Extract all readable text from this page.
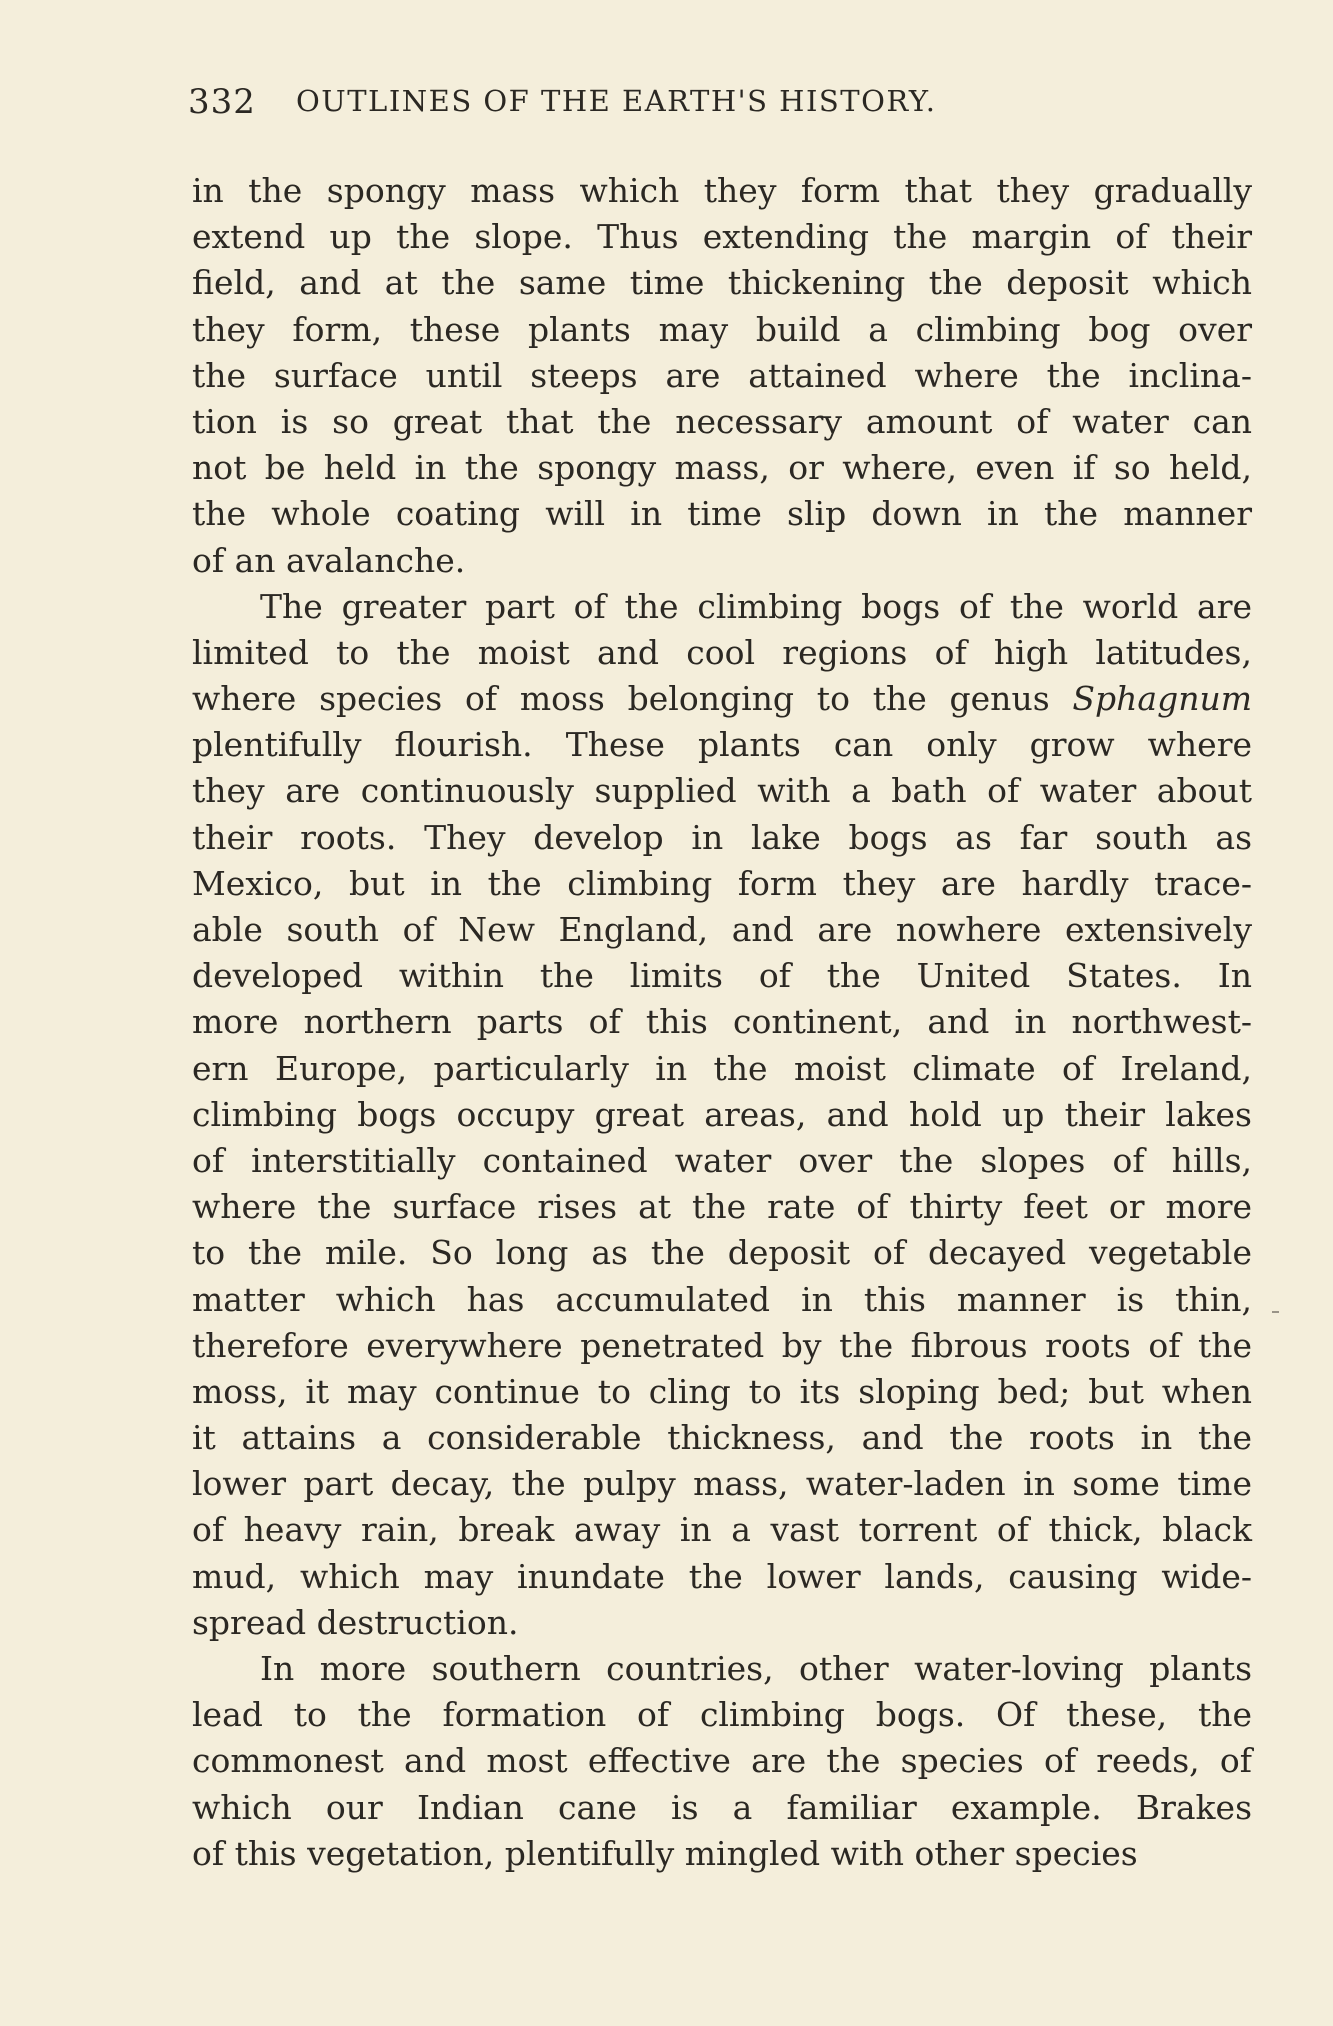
332 OUTLINES OF THE EARTH'S HISTORY.
in the spongy mass which they form that they gradually
extend up the slope. Thus extending the margin of their
field, and at the same time thickening the deposit which
they form, these plants may build a climbing bog over
the surface until steeps are attained where the inclina-
tion is so great that the necessary amount of water can
not be held in the spongy mass, or where, even if so held,
the whole coating will in time slip down in the manner
of an avalanche.
The greater part of the climbing bogs of the world are
limited to the moist and cool regions of high latitudes,
where species of moss belonging to the genus Sphagnum
plentifully flourish. These plants can only grow where
they are continuously supplied with a bath of water about
their roots. They develop in lake bogs as far south as
Mexico, but in the climbing form they are hardly trace-
able south of New England, and are nowhere extensively
developed within the limits of the United States. In
more northern parts of this continent, and in northwest-
ern Europe, particularly in the moist climate of Ireland,
climbing bogs occupy great areas, and hold up their lakes
of interstitially contained water over the slopes of hills,
where the surface rises at the rate of thirty feet or more
to the mile. So long as the deposit of decayed vegetable
matter which has accumulated in this manner is thin,
therefore everywhere penetrated by the fibrous roots of the
moss, it may continue to cling to its sloping bed; but when
it attains a considerable thickness, and the roots in the
lower part decay, the pulpy mass, water-laden in some time
of heavy rain, break away in a vast torrent of thick, black
mud, which may inundate the lower lands, causing wide-
spread destruction.
In more southern countries, other water-loving plants
lead to the formation of climbing bogs. Of these, the
commonest and most effective are the species of reeds, of
which our Indian cane is a familiar example. Brakes
of this vegetation, plentifully mingled with other species
